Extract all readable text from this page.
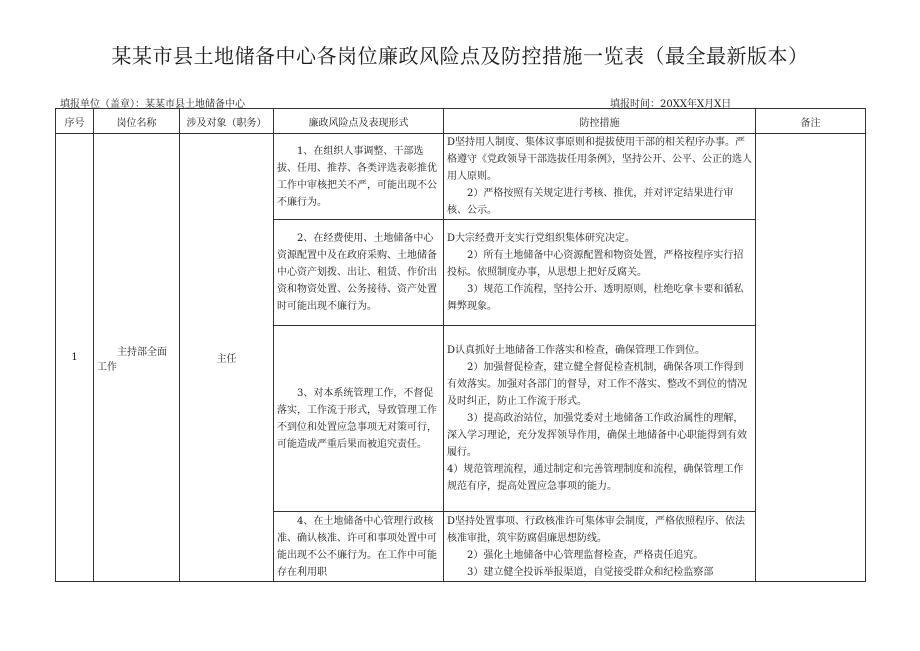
某某市县土地储备中心各岗位廉政风险点及防控措施一览表（最全最新版本）
填报单位（盖章）：某某市县土地储备中心	填报时间：20XX年X月X日
序号	岗位名称	涉及对象（职务）	廉政风险点及表现形式	防控措施	备注
1	主持部全面工作	主任	1、在组织人事调整、干部选拔、任用、推荐、各类评选表彰推优工作中审核把关不严，可能出现不公不廉行为。	D坚持用人制度、集体议事原则和提拔使用干部的相关程序办事。严格遵守《党政领导干部选拔任用条例》，坚持公开、公平、公正的选人用人原则。

2）严格按照有关规定进行考核、推优，并对评定结果进行审核、公示。	

			2、在经费使用、土地储备中心资源配置中及在政府采购、土地储备中心资产划拨、出让、租赁、作价出资和物资处置、公务接待、资产处置时可能出现不廉行为。	D大宗经费开支实行党组织集体研究决定。

2）所有土地储备中心资源配置和物资处置，严格按程序实行招投标。依照制度办事，从思想上把好反腐关。

3）规范工作流程，坚持公开、透明原则，杜绝吃拿卡要和循私舞弊现象。	

			3、对本系统管理工作，不督促落实，工作流于形式，导致管理工作不到位和处置应急事项无对策可行，可能造成严重后果而被追究责任。	D认真抓好土地储备工作落实和检查，确保管理工作到位。

2）加强督促检查，建立健全督促检查机制，确保各项工作得到有效落实。加强对各部门的督导，对工作不落实、整改不到位的情况及时纠正，防止工作流于形式。

3）提高政治站位，加强党委对土地储备工作政治属性的理解，深入学习理论，充分发挥领导作用，确保土地储备中心职能得到有效履行。

4）规范管理流程，通过制定和完善管理制度和流程，确保管理工作规范有序，提高处置应急事项的能力。	

			4、在土地储备中心管理行政核准、确认核准、许可和事项处置中可能出现不公不廉行为。在工作中可能存在利用职	D坚持处置事项、行政核准许可集体审会制度，严格依照程序、依法核准审批，筑牢防腐倡廉思想防线。

2）强化土地储备中心管理监督检查，严格责任追究。

3）建立健全投诉举报渠道，自觉接受群众和纪检监察部	
